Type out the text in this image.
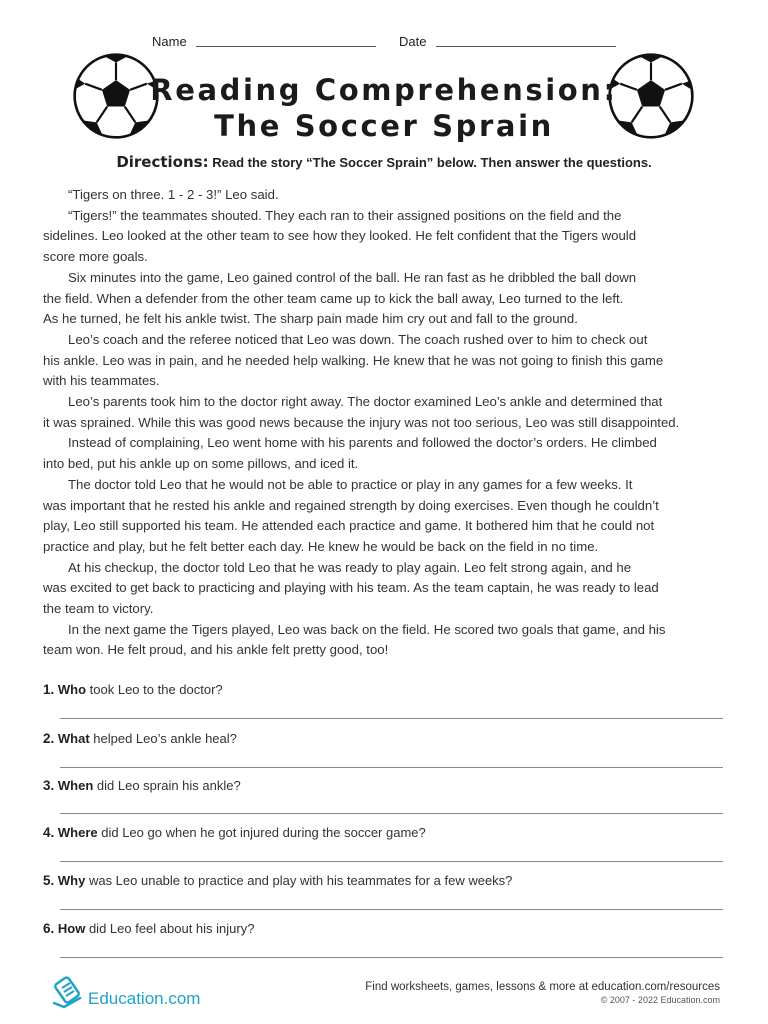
Name	Date
Reading Comprehension:
The Soccer Sprain
Directions: Read the story “The Soccer Sprain” below. Then answer the questions.
“Tigers on three. 1 - 2 - 3!” Leo said.
“Tigers!” the teammates shouted. They each ran to their assigned positions on the field and the
sidelines. Leo looked at the other team to see how they looked. He felt confident that the Tigers would
score more goals.
Six minutes into the game, Leo gained control of the ball. He ran fast as he dribbled the ball down
the field. When a defender from the other team came up to kick the ball away, Leo turned to the left.
As he turned, he felt his ankle twist. The sharp pain made him cry out and fall to the ground.
Leo’s coach and the referee noticed that Leo was down. The coach rushed over to him to check out
his ankle. Leo was in pain, and he needed help walking. He knew that he was not going to finish this game
with his teammates.
Leo’s parents took him to the doctor right away. The doctor examined Leo’s ankle and determined that
it was sprained. While this was good news because the injury was not too serious, Leo was still disappointed.
Instead of complaining, Leo went home with his parents and followed the doctor’s orders. He climbed
into bed, put his ankle up on some pillows, and iced it.
The doctor told Leo that he would not be able to practice or play in any games for a few weeks. It
was important that he rested his ankle and regained strength by doing exercises. Even though he couldn’t
play, Leo still supported his team. He attended each practice and game. It bothered him that he could not
practice and play, but he felt better each day. He knew he would be back on the field in no time.
At his checkup, the doctor told Leo that he was ready to play again. Leo felt strong again, and he
was excited to get back to practicing and playing with his team. As the team captain, he was ready to lead
the team to victory.
In the next game the Tigers played, Leo was back on the field. He scored two goals that game, and his
team won. He felt proud, and his ankle felt pretty good, too!
1. Who took Leo to the doctor?
2. What helped Leo’s ankle heal?
3. When did Leo sprain his ankle?
4. Where did Leo go when he got injured during the soccer game?
5. Why was Leo unable to practice and play with his teammates for a few weeks?
6. How did Leo feel about his injury?
Education.com
Find worksheets, games, lessons & more at education.com/resources
© 2007 - 2022 Education.com
